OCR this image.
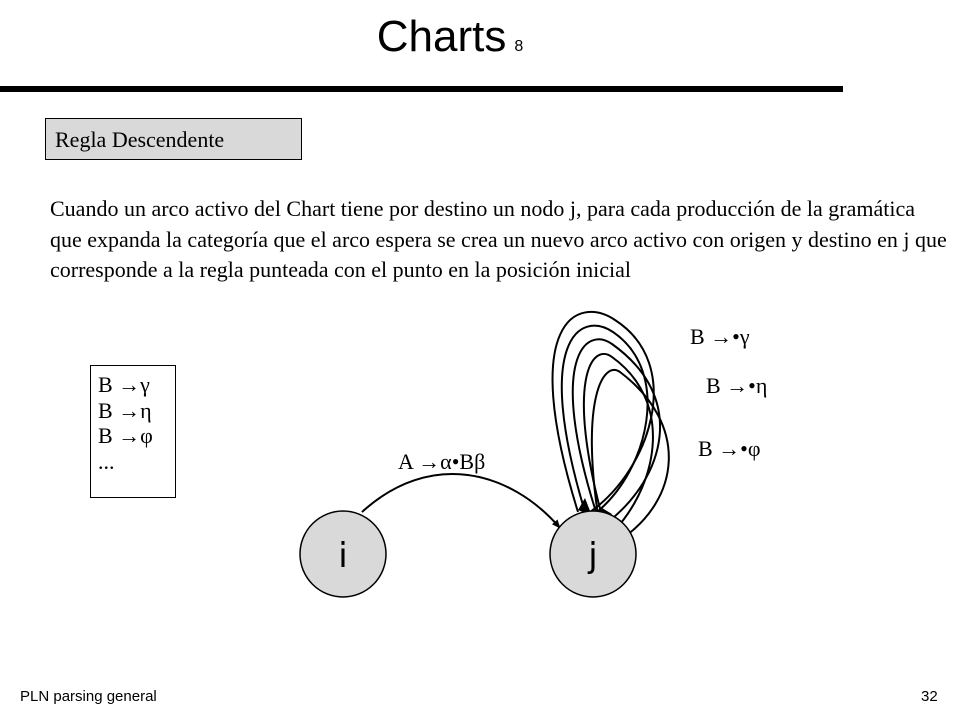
Charts 8
Regla Descendente

Cuando un arco activo del Chart tiene por destino un nodo j, para cada producción de la gramática que expanda la categoría que el arco espera se crea un nuevo arco activo con origen y destino en j que corresponde a la regla punteada con el punto en la posición inicial

B →γ
B →η
B →φ
...
i	j
A →α•Bβ
B →•γ
B →•η
B →•φ
PLN parsing general	32
